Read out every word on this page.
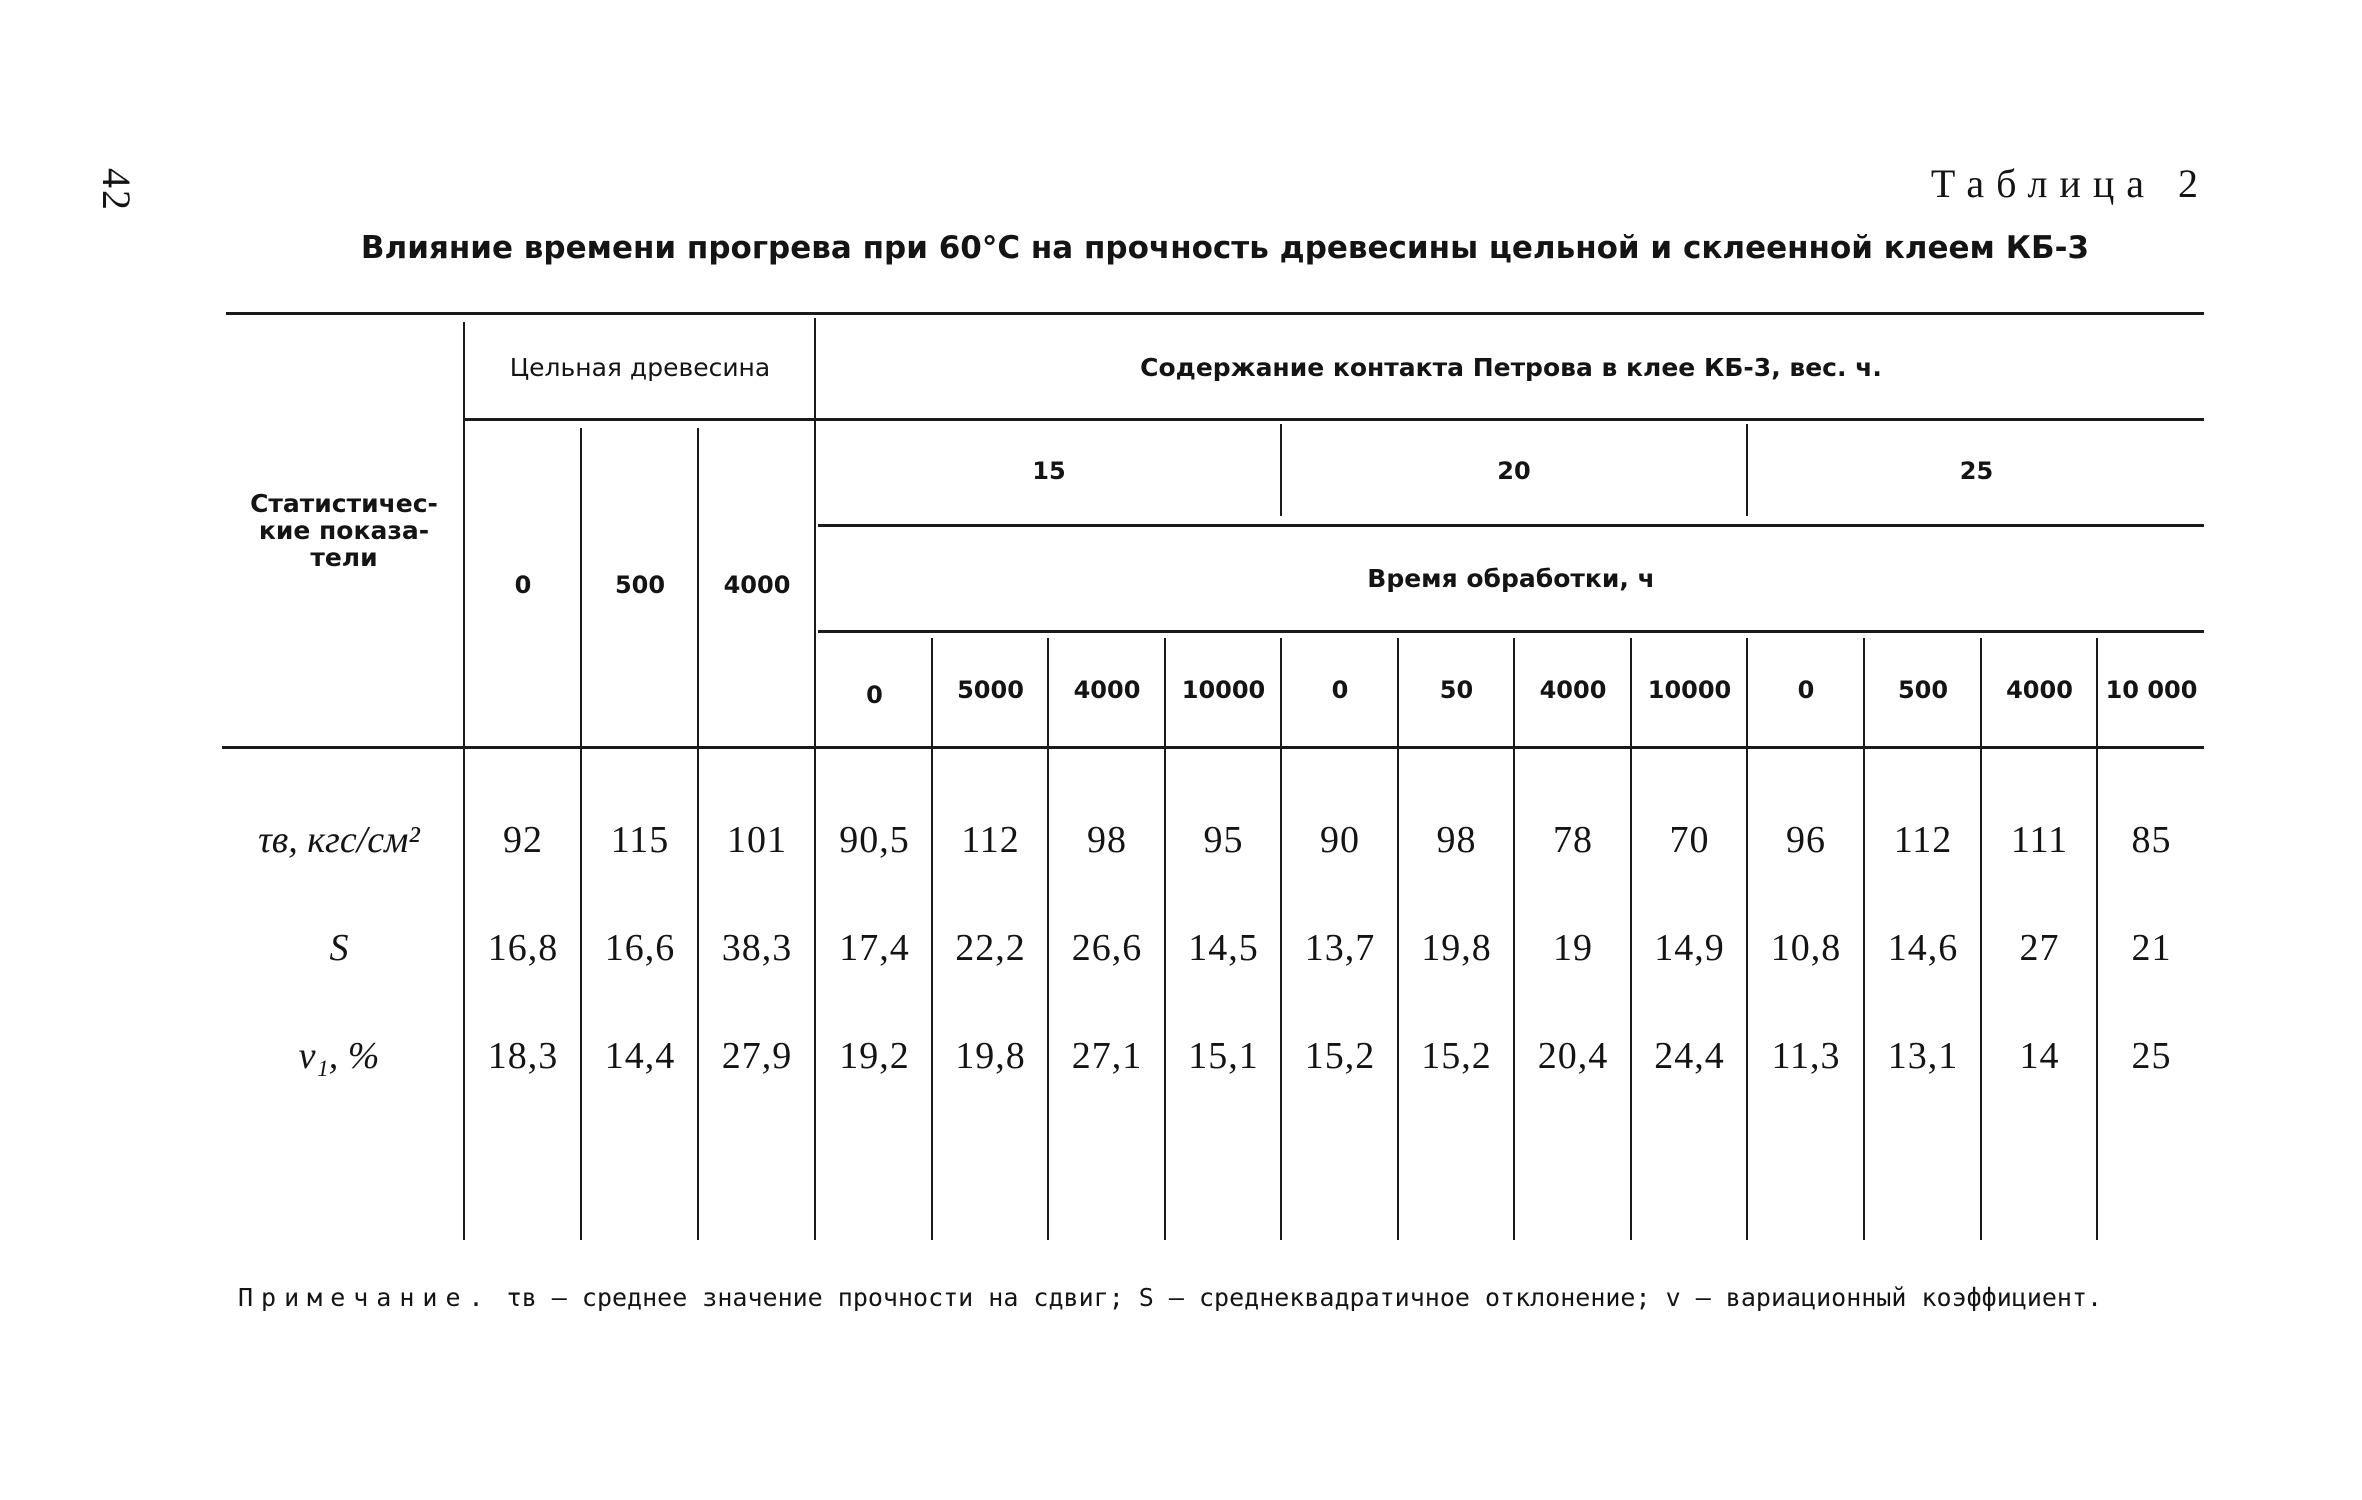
42	Таблица 2
Влияние времени прогрева при 60°С на прочность древесины цельной и склеенной клеем КБ-3
Статистичес-
кие показа-
тели
Цельная древесина	Содержание контакта Петрова в клее КБ-3, вес. ч.
15	20	25
Время обработки, ч
0	500	4000
0	5000	4000	10000	0	50	4000	10000	0	500	4000	10 000
τв, кгс/см²	92	115	101	90,5	112	98	95	90	98	78	70	96	112	111	85
S	16,8	16,6	38,3	17,4	22,2	26,6	14,5	13,7	19,8	19	14,9	10,8	14,6	27	21
v₁, %	18,3	14,4	27,9	19,2	19,8	27,1	15,1	15,2	15,2	20,4	24,4	11,3	13,1	14	25
Примечание. τв — среднее значение прочности на сдвиг; S — среднеквадратичное отклонение; v — вариационный коэффициент.
